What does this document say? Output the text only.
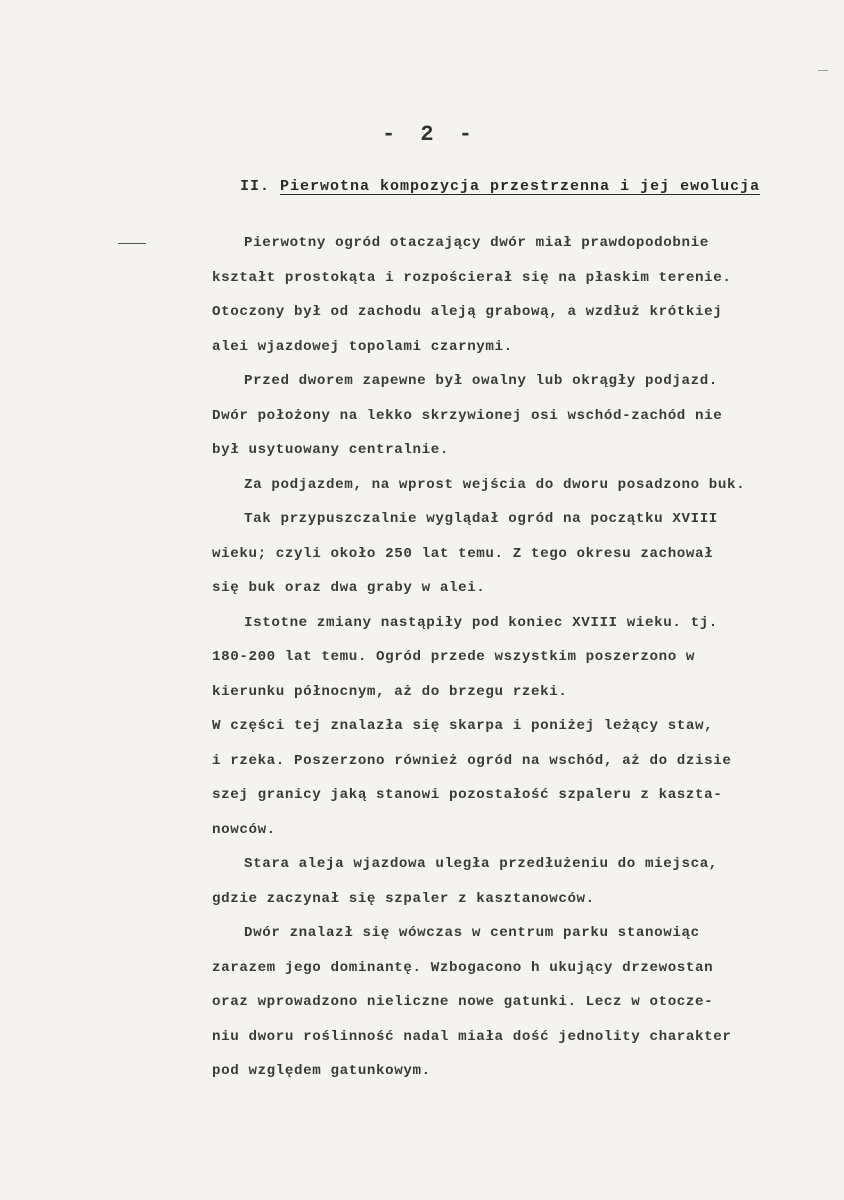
- 2 -
II. Pierwotna kompozycja przestrzenna i jej ewolucja
Pierwotny ogród otaczający dwór miał prawdopodobnie
kształt prostokąta i rozpościerał się na płaskim terenie.
Otoczony był od zachodu aleją grabową, a wzdłuż krótkiej
alei wjazdowej topolami czarnymi.
Przed dworem zapewne był owalny lub okrągły podjazd.
Dwór położony na lekko skrzywionej osi wschód-zachód nie
był usytuowany centralnie.
Za podjazdem, na wprost wejścia do dworu posadzono buk.
Tak przypuszczalnie wyglądał ogród na początku XVIII
wieku; czyli około 250 lat temu. Z tego okresu zachował
się buk oraz dwa graby w alei.
Istotne zmiany nastąpiły pod koniec XVIII wieku. tj.
180-200 lat temu. Ogród przede wszystkim poszerzono w
kierunku północnym, aż do brzegu rzeki.
W części tej znalazła się skarpa i poniżej leżący staw,
i rzeka. Poszerzono również ogród na wschód, aż do dzisie
szej granicy jaką stanowi pozostałość szpaleru z kaszta-
nowców.
Stara aleja wjazdowa uległa przedłużeniu do miejsca,
gdzie zaczynał się szpaler z kasztanowców.
Dwór znalazł się wówczas w centrum parku stanowiąc
zarazem jego dominantę. Wzbogacono h ukujący drzewostan
oraz wprowadzono nieliczne nowe gatunki. Lecz w otocze-
niu dworu roślinność nadal miała dość jednolity charakter
pod względem gatunkowym.
